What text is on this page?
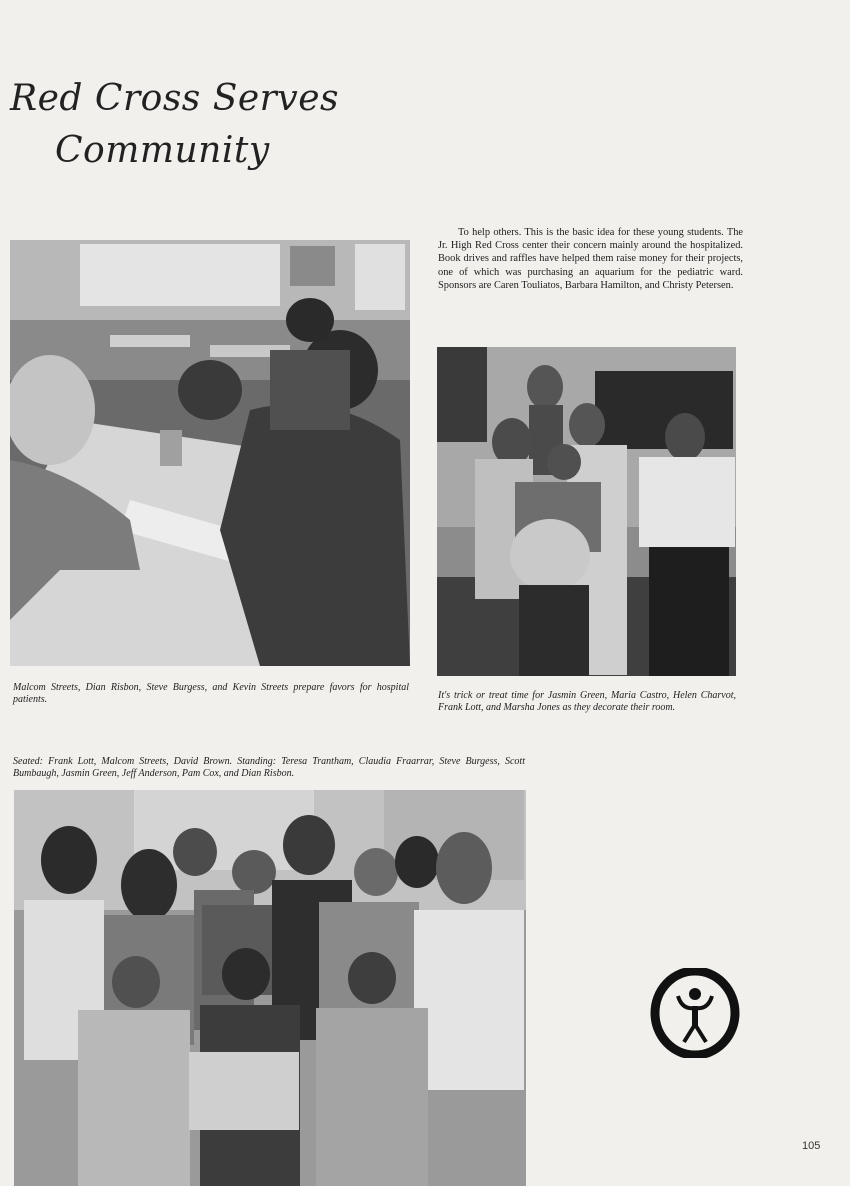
Red Cross Serves
Community

To help others. This is the basic idea for these young students. The Jr. High Red Cross center their concern mainly around the hospitalized. Book drives and raffles have helped them raise money for their projects, one of which was purchasing an aquarium for the pediatric ward. Sponsors are Caren Touliatos, Barbara Hamilton, and Christy Petersen.

Malcom Streets, Dian Risbon, Steve Burgess, and Kevin Streets prepare favors for hospital patients.	It's trick or treat time for Jasmin Green, Maria Castro, Helen Charvot, Frank Lott, and Marsha Jones as they decorate their room.

Seated: Frank Lott, Malcom Streets, David Brown. Standing: Teresa Trantham, Claudia Fraarrar, Steve Burgess, Scott Bumbaugh, Jasmin Green, Jeff Anderson, Pam Cox, and Dian Risbon.

105
